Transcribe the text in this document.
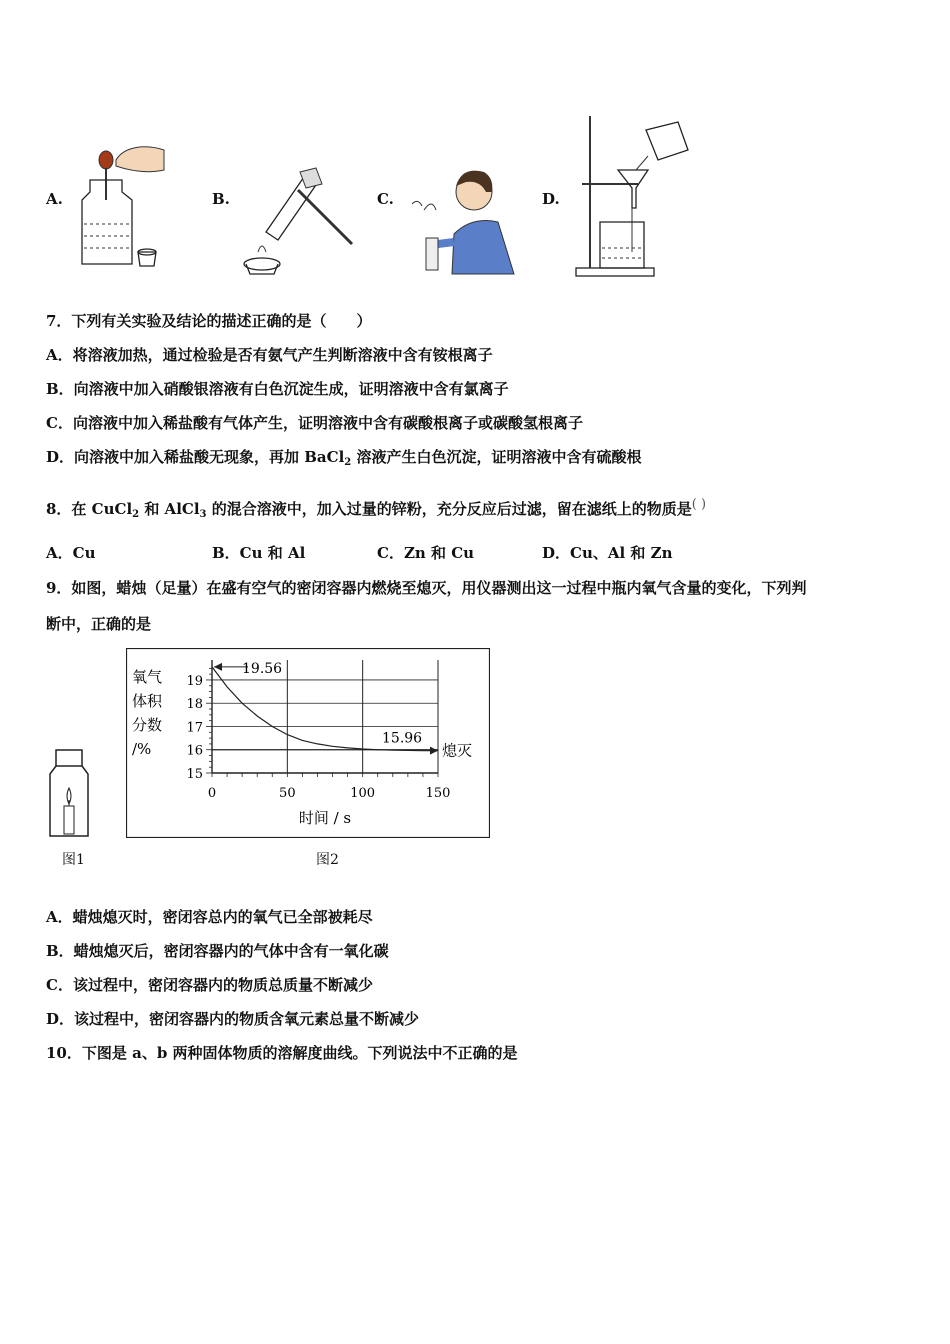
A.	B.	C.	D.
7．下列有关实验及结论的描述正确的是（　　）
A．将溶液加热，通过检验是否有氨气产生判断溶液中含有铵根离子
B．向溶液中加入硝酸银溶液有白色沉淀生成，证明溶液中含有氯离子
C．向溶液中加入稀盐酸有气体产生，证明溶液中含有碳酸根离子或碳酸氢根离子
D．向溶液中加入稀盐酸无现象，再加 BaCl$_2$ 溶液产生白色沉淀，证明溶液中含有硫酸根
8．在 CuCl$_2$ 和 AlCl$_3$ 的混合溶液中，加入过量的锌粉，充分反应后过滤，留在滤纸上的物质是( )
A．Cu	B．Cu 和 Al	C．Zn 和 Cu	D．Cu、Al 和 Zn
9．如图，蜡烛（足量）在盛有空气的密闭容器内燃烧至熄灭，用仪器测出这一过程中瓶内氧气含量的变化，下列判
断中，正确的是
图1
15
16
17
18
19
0	50	100	150
19.56
15.96
熄灭
氧气
体积
分数
/%
时间 / s
图2
A．蜡烛熄灭时，密闭容总内的氧气已全部被耗尽
B．蜡烛熄灭后，密闭容器内的气体中含有一氧化碳
C．该过程中，密闭容器内的物质总质量不断减少
D．该过程中，密闭容器内的物质含氧元素总量不断减少
10．下图是 a、b 两种固体物质的溶解度曲线。下列说法中不正确的是
